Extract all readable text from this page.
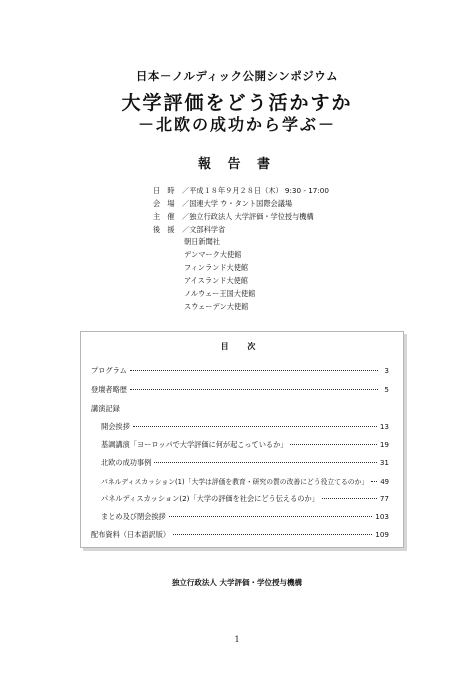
日本－ノルディック公開シンポジウム
大学評価をどう活かすか
－北欧の成功から学ぶ－
報 告 書
日　時 ／平成１８年９月２８日（木） 9:30 - 17:00
会　場 ／国連大学 ウ・タント国際会議場
主　催 ／独立行政法人 大学評価・学位授与機構
後　援 ／文部科学省
朝日新聞社
デンマーク大使館
フィンランド大使館
アイスランド大使館
ノルウェー王国大使館
スウェーデン大使館
目 次
プログラム	3
登壇者略歴	5
講演記録
開会挨拶	13
基調講演「ヨーロッパで大学評価に何が起こっているか」	19
北欧の成功事例	31
パネルディスカッション(1)「大学は評価を教育・研究の質の改善にどう役立てるのか」 49
パネルディスカッション(2)「大学の評価を社会にどう伝えるのか」	77
まとめ及び閉会挨拶	103
配布資料（日本語訳版）	109
独立行政法人 大学評価・学位授与機構
1
